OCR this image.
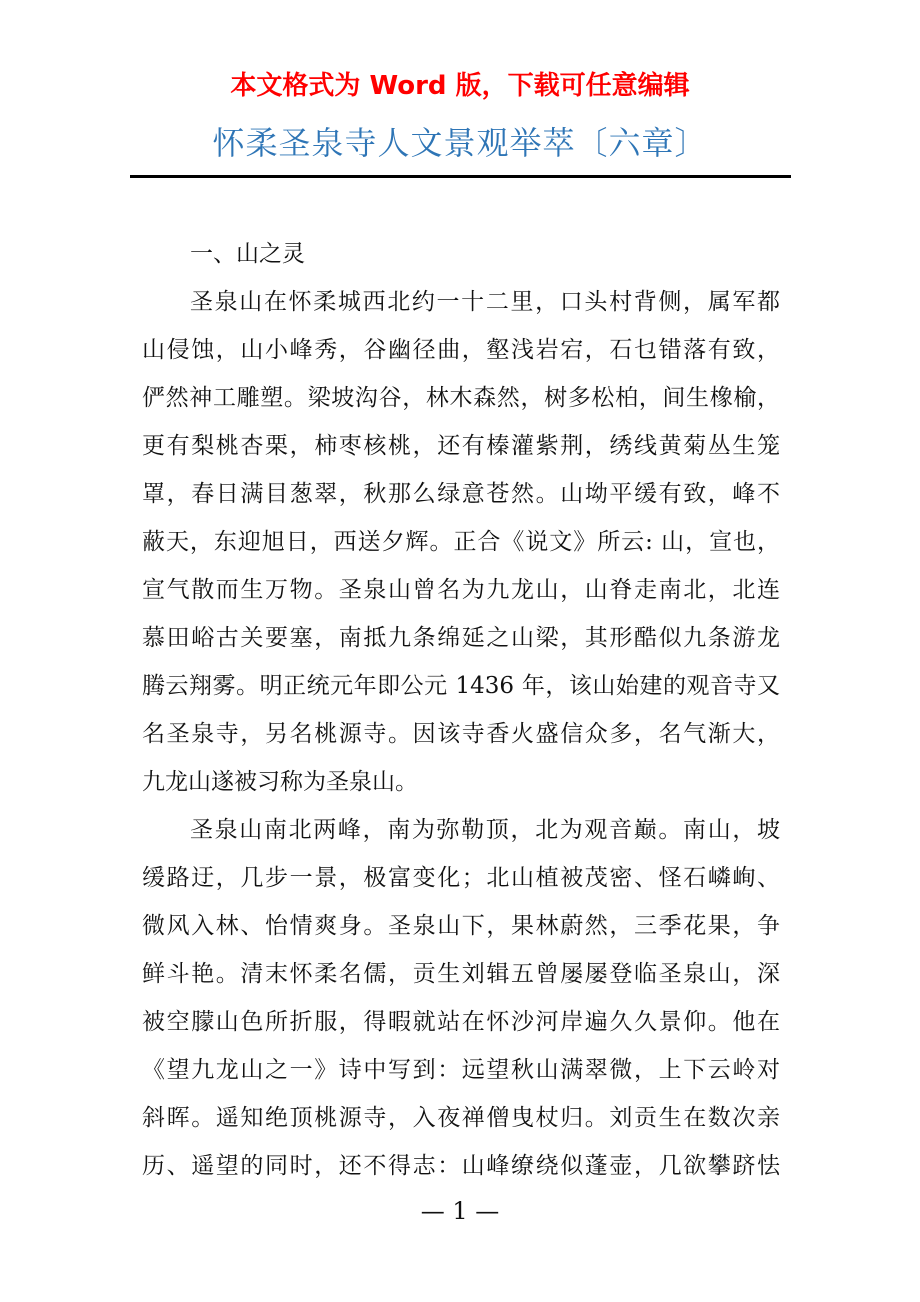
本文格式为 Word 版，下载可任意编辑
怀柔圣泉寺人文景观举萃〔六章〕
一、山之灵
圣泉山在怀柔城西北约一十二里，口头村背侧，属军都
山侵蚀，山小峰秀，谷幽径曲，壑浅岩宕，石乜错落有致，
俨然神工雕塑。梁坡沟谷，林木森然，树多松柏，间生橡榆，
更有梨桃杏栗，柿枣核桃，还有榛灌紫荆，绣线黄菊丛生笼
罩，春日满目葱翠，秋那么绿意苍然。山坳平缓有致，峰不
蔽天，东迎旭日，西送夕辉。正合《说文》所云: 山，宣也，
宣气散而生万物。圣泉山曾名为九龙山，山脊走南北，北连
慕田峪古关要塞，南抵九条绵延之山梁，其形酷似九条游龙
腾云翔雾。明正统元年即公元 1436 年，该山始建的观音寺又
名圣泉寺，另名桃源寺。因该寺香火盛信众多，名气渐大，
九龙山遂被习称为圣泉山。
圣泉山南北两峰，南为弥勒顶，北为观音巅。南山，坡
缓路迂，几步一景，极富变化；北山植被茂密、怪石嶙峋、
微风入林、怡情爽身。圣泉山下，果林蔚然，三季花果，争
鲜斗艳。清末怀柔名儒，贡生刘辑五曾屡屡登临圣泉山，深
被空朦山色所折服，得暇就站在怀沙河岸遍久久景仰。他在
《望九龙山之一》诗中写到：远望秋山满翠微，上下云岭对
斜晖。遥知绝顶桃源寺，入夜禅僧曳杖归。刘贡生在数次亲
历、遥望的同时，还不得志：山峰缭绕似蓬壶，几欲攀跻怯
— 1 —
